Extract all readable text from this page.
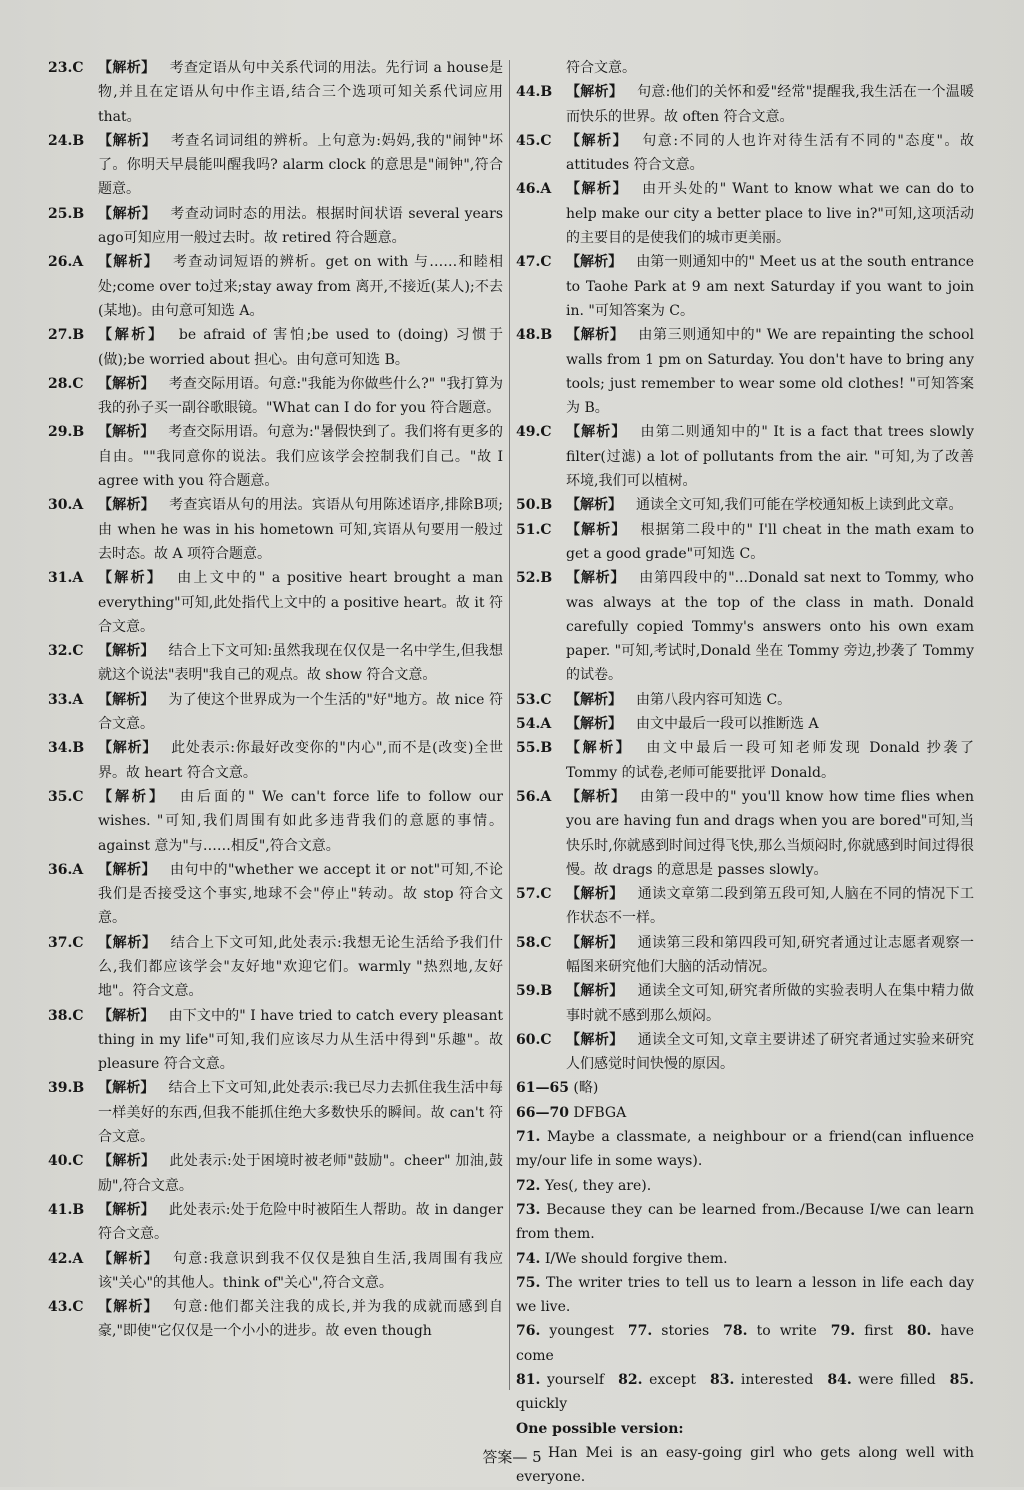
23.C 【解析】 考查定语从句中关系代词的用法。先行词 a house是物,并且在定语从句中作主语,结合三个选项可知关系代词应用 that。
24.B 【解析】 考查名词词组的辨析。上句意为:妈妈,我的"闹钟"坏了。你明天早晨能叫醒我吗? alarm clock 的意思是"闹钟",符合题意。
25.B 【解析】 考查动词时态的用法。根据时间状语 several years ago可知应用一般过去时。故 retired 符合题意。
26.A 【解析】 考查动词短语的辨析。get on with 与……和睦相处;come over to过来;stay away from 离开,不接近(某人);不去(某地)。由句意可知选 A。
27.B 【解析】 be afraid of 害怕;be used to (doing) 习惯于(做);be worried about 担心。由句意可知选 B。
28.C 【解析】 考查交际用语。句意:"我能为你做些什么?" "我打算为我的孙子买一副谷歌眼镜。"What can I do for you 符合题意。
29.B 【解析】 考查交际用语。句意为:"暑假快到了。我们将有更多的自由。""我同意你的说法。我们应该学会控制我们自己。"故 I agree with you 符合题意。
30.A 【解析】 考查宾语从句的用法。宾语从句用陈述语序,排除B项;由 when he was in his hometown 可知,宾语从句要用一般过去时态。故 A 项符合题意。
31.A 【解析】 由上文中的" a positive heart brought a man everything"可知,此处指代上文中的 a positive heart。故 it 符合文意。
32.C 【解析】 结合上下文可知:虽然我现在仅仅是一名中学生,但我想就这个说法"表明"我自己的观点。故 show 符合文意。
33.A 【解析】 为了使这个世界成为一个生活的"好"地方。故 nice 符合文意。
34.B 【解析】 此处表示:你最好改变你的"内心",而不是(改变)全世界。故 heart 符合文意。
35.C 【解析】 由后面的" We can't force life to follow our wishes. "可知,我们周围有如此多违背我们的意愿的事情。against 意为"与……相反",符合文意。
36.A 【解析】 由句中的"whether we accept it or not"可知,不论我们是否接受这个事实,地球不会"停止"转动。故 stop 符合文意。
37.C 【解析】 结合上下文可知,此处表示:我想无论生活给予我们什么,我们都应该学会"友好地"欢迎它们。warmly "热烈地,友好地"。符合文意。
38.C 【解析】 由下文中的" I have tried to catch every pleasant thing in my life"可知,我们应该尽力从生活中得到"乐趣"。故 pleasure 符合文意。
39.B 【解析】 结合上下文可知,此处表示:我已尽力去抓住我生活中每一样美好的东西,但我不能抓住绝大多数快乐的瞬间。故 can't 符合文意。
40.C 【解析】 此处表示:处于困境时被老师"鼓励"。cheer" 加油,鼓励",符合文意。
41.B 【解析】 此处表示:处于危险中时被陌生人帮助。故 in danger 符合文意。
42.A 【解析】 句意:我意识到我不仅仅是独自生活,我周围有我应该"关心"的其他人。think of"关心",符合文意。
43.C 【解析】 句意:他们都关注我的成长,并为我的成就而感到自豪,"即使"它仅仅是一个小小的进步。故 even though
符合文意。
44.B 【解析】 句意:他们的关怀和爱"经常"提醒我,我生活在一个温暖而快乐的世界。故 often 符合文意。
45.C 【解析】 句意:不同的人也许对待生活有不同的"态度"。故 attitudes 符合文意。
46.A 【解析】 由开头处的" Want to know what we can do to help make our city a better place to live in?"可知,这项活动的主要目的是使我们的城市更美丽。
47.C 【解析】 由第一则通知中的" Meet us at the south entrance to Taohe Park at 9 am next Saturday if you want to join in. "可知答案为 C。
48.B 【解析】 由第三则通知中的" We are repainting the school walls from 1 pm on Saturday. You don't have to bring any tools; just remember to wear some old clothes! "可知答案为 B。
49.C 【解析】 由第二则通知中的" It is a fact that trees slowly filter(过滤) a lot of pollutants from the air. "可知,为了改善环境,我们可以植树。
50.B 【解析】 通读全文可知,我们可能在学校通知板上读到此文章。
51.C 【解析】 根据第二段中的" I'll cheat in the math exam to get a good grade"可知选 C。
52.B 【解析】 由第四段中的"...Donald sat next to Tommy, who was always at the top of the class in math. Donald carefully copied Tommy's answers onto his own exam paper. "可知,考试时,Donald 坐在 Tommy 旁边,抄袭了 Tommy 的试卷。
53.C 【解析】 由第八段内容可知选 C。
54.A 【解析】 由文中最后一段可以推断选 A
55.B 【解析】 由文中最后一段可知老师发现 Donald 抄袭了 Tommy 的试卷,老师可能要批评 Donald。
56.A 【解析】 由第一段中的" you'll know how time flies when you are having fun and drags when you are bored"可知,当快乐时,你就感到时间过得飞快,那么当烦闷时,你就感到时间过得很慢。故 drags 的意思是 passes slowly。
57.C 【解析】 通读文章第二段到第五段可知,人脑在不同的情况下工作状态不一样。
58.C 【解析】 通读第三段和第四段可知,研究者通过让志愿者观察一幅图来研究他们大脑的活动情况。
59.B 【解析】 通读全文可知,研究者所做的实验表明人在集中精力做事时就不感到那么烦闷。
60.C 【解析】 通读全文可知,文章主要讲述了研究者通过实验来研究人们感觉时间快慢的原因。
61—65 (略)
66—70 DFBGA
71. Maybe a classmate, a neighbour or a friend(can influence my/our life in some ways).
72. Yes(, they are).
73. Because they can be learned from./Because I/we can learn from them.
74. I/We should forgive them.
75. The writer tries to tell us to learn a lesson in life each day we live.
76. youngest   77. stories   78. to write   79. first   80. have come  
81. yourself   82. except   83. interested   84. were filled   85. quickly  
One possible version:
Han Mei is an easy-going girl who gets along well with everyone.
答案— 5
